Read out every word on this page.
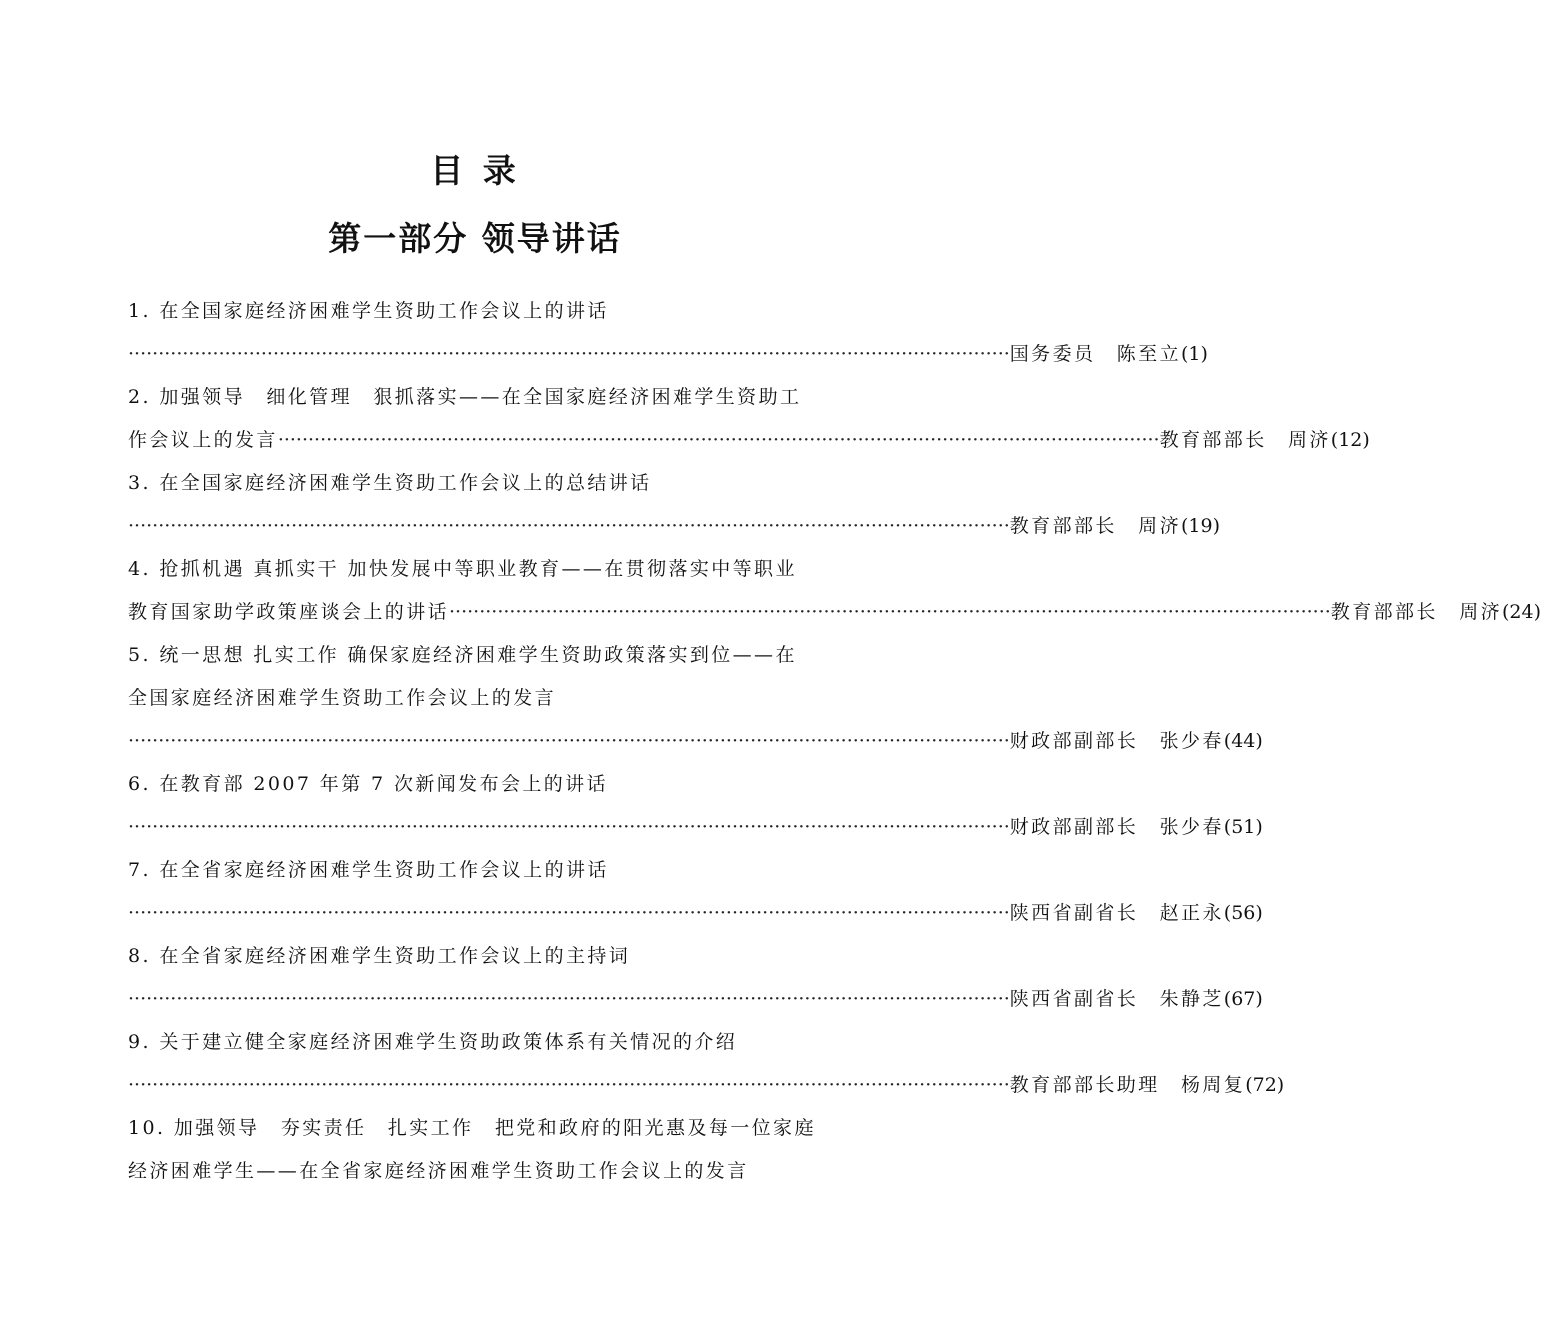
目 录
第一部分 领导讲话
1. 在全国家庭经济困难学生资助工作会议上的讲话
·················································································································································· 国务委员　陈至立 (1)
2. 加强领导　细化管理　狠抓落实——在全国家庭经济困难学生资助工
作会议上的发言 ·················································································································································· 教育部部长　周济 (12)
3. 在全国家庭经济困难学生资助工作会议上的总结讲话
·················································································································································· 教育部部长　周济 (19)
4. 抢抓机遇 真抓实干 加快发展中等职业教育——在贯彻落实中等职业
教育国家助学政策座谈会上的讲话 ·················································································································································· 教育部部长　周济 (24)
5. 统一思想 扎实工作 确保家庭经济困难学生资助政策落实到位——在
全国家庭经济困难学生资助工作会议上的发言
·················································································································································· 财政部副部长　张少春 (44)
6. 在教育部 2007 年第 7 次新闻发布会上的讲话
·················································································································································· 财政部副部长　张少春 (51)
7. 在全省家庭经济困难学生资助工作会议上的讲话
·················································································································································· 陕西省副省长　赵正永 (56)
8. 在全省家庭经济困难学生资助工作会议上的主持词
·················································································································································· 陕西省副省长　朱静芝 (67)
9. 关于建立健全家庭经济困难学生资助政策体系有关情况的介绍
·················································································································································· 教育部部长助理　杨周复 (72)
10. 加强领导　夯实责任　扎实工作　把党和政府的阳光惠及每一位家庭
经济困难学生——在全省家庭经济困难学生资助工作会议上的发言
